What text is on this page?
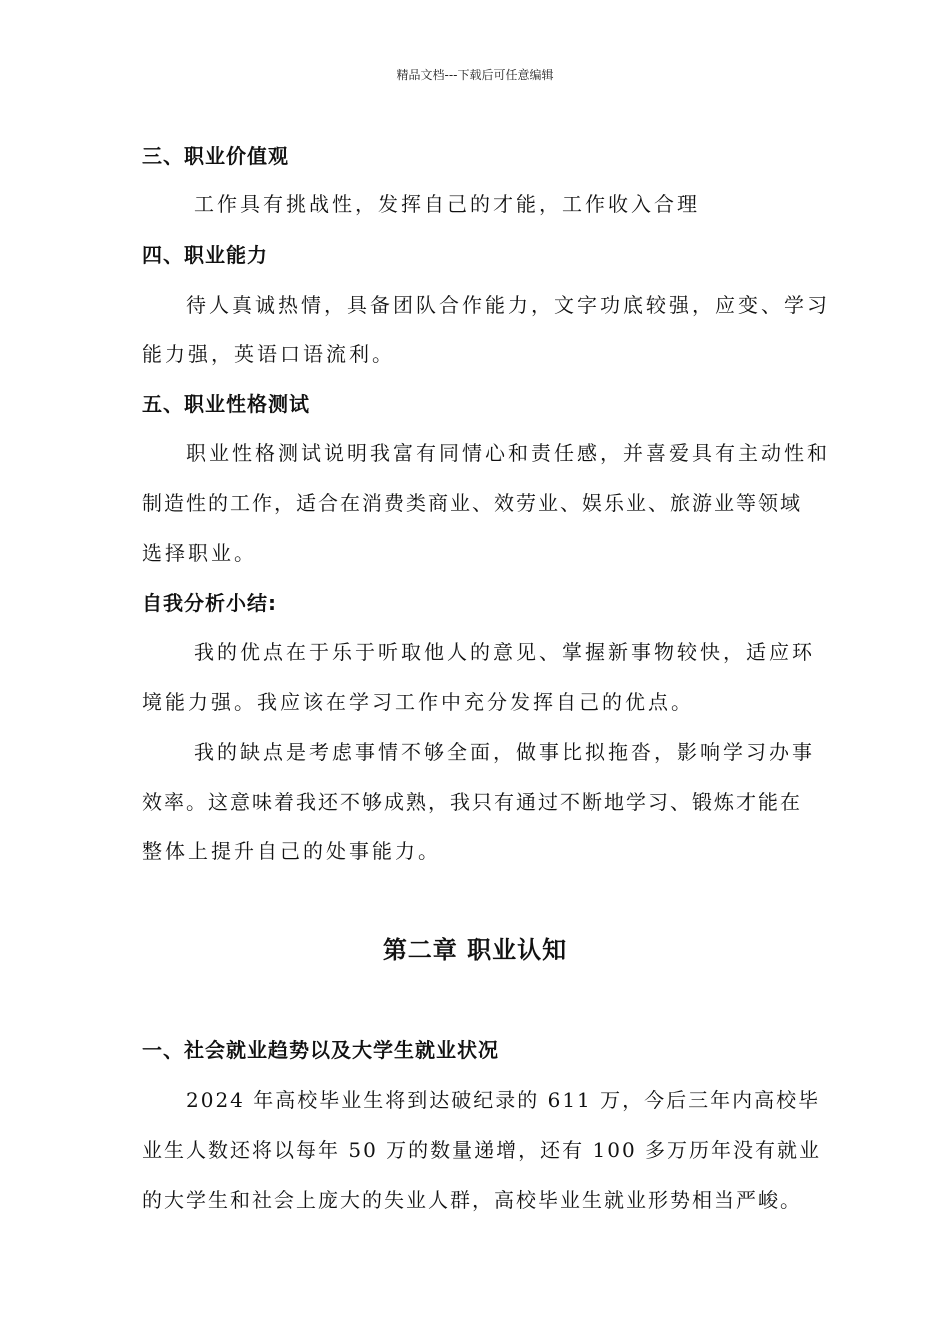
精品文档---下载后可任意编辑
三、职业价值观
工作具有挑战性，发挥自己的才能，工作收入合理
四、职业能力
待人真诚热情，具备团队合作能力，文字功底较强，应变、学习
能力强，英语口语流利。
五、职业性格测试
职业性格测试说明我富有同情心和责任感，并喜爱具有主动性和
制造性的工作，适合在消费类商业、效劳业、娱乐业、旅游业等领域
选择职业。
自我分析小结:
我的优点在于乐于听取他人的意见、掌握新事物较快，适应环
境能力强。我应该在学习工作中充分发挥自己的优点。
我的缺点是考虑事情不够全面，做事比拟拖沓，影响学习办事
效率。这意味着我还不够成熟，我只有通过不断地学习、锻炼才能在
整体上提升自己的处事能力。
第二章 职业认知
一、社会就业趋势以及大学生就业状况
2024 年高校毕业生将到达破纪录的 611 万，今后三年内高校毕
业生人数还将以每年 50 万的数量递增，还有 100 多万历年没有就业
的大学生和社会上庞大的失业人群，高校毕业生就业形势相当严峻。
